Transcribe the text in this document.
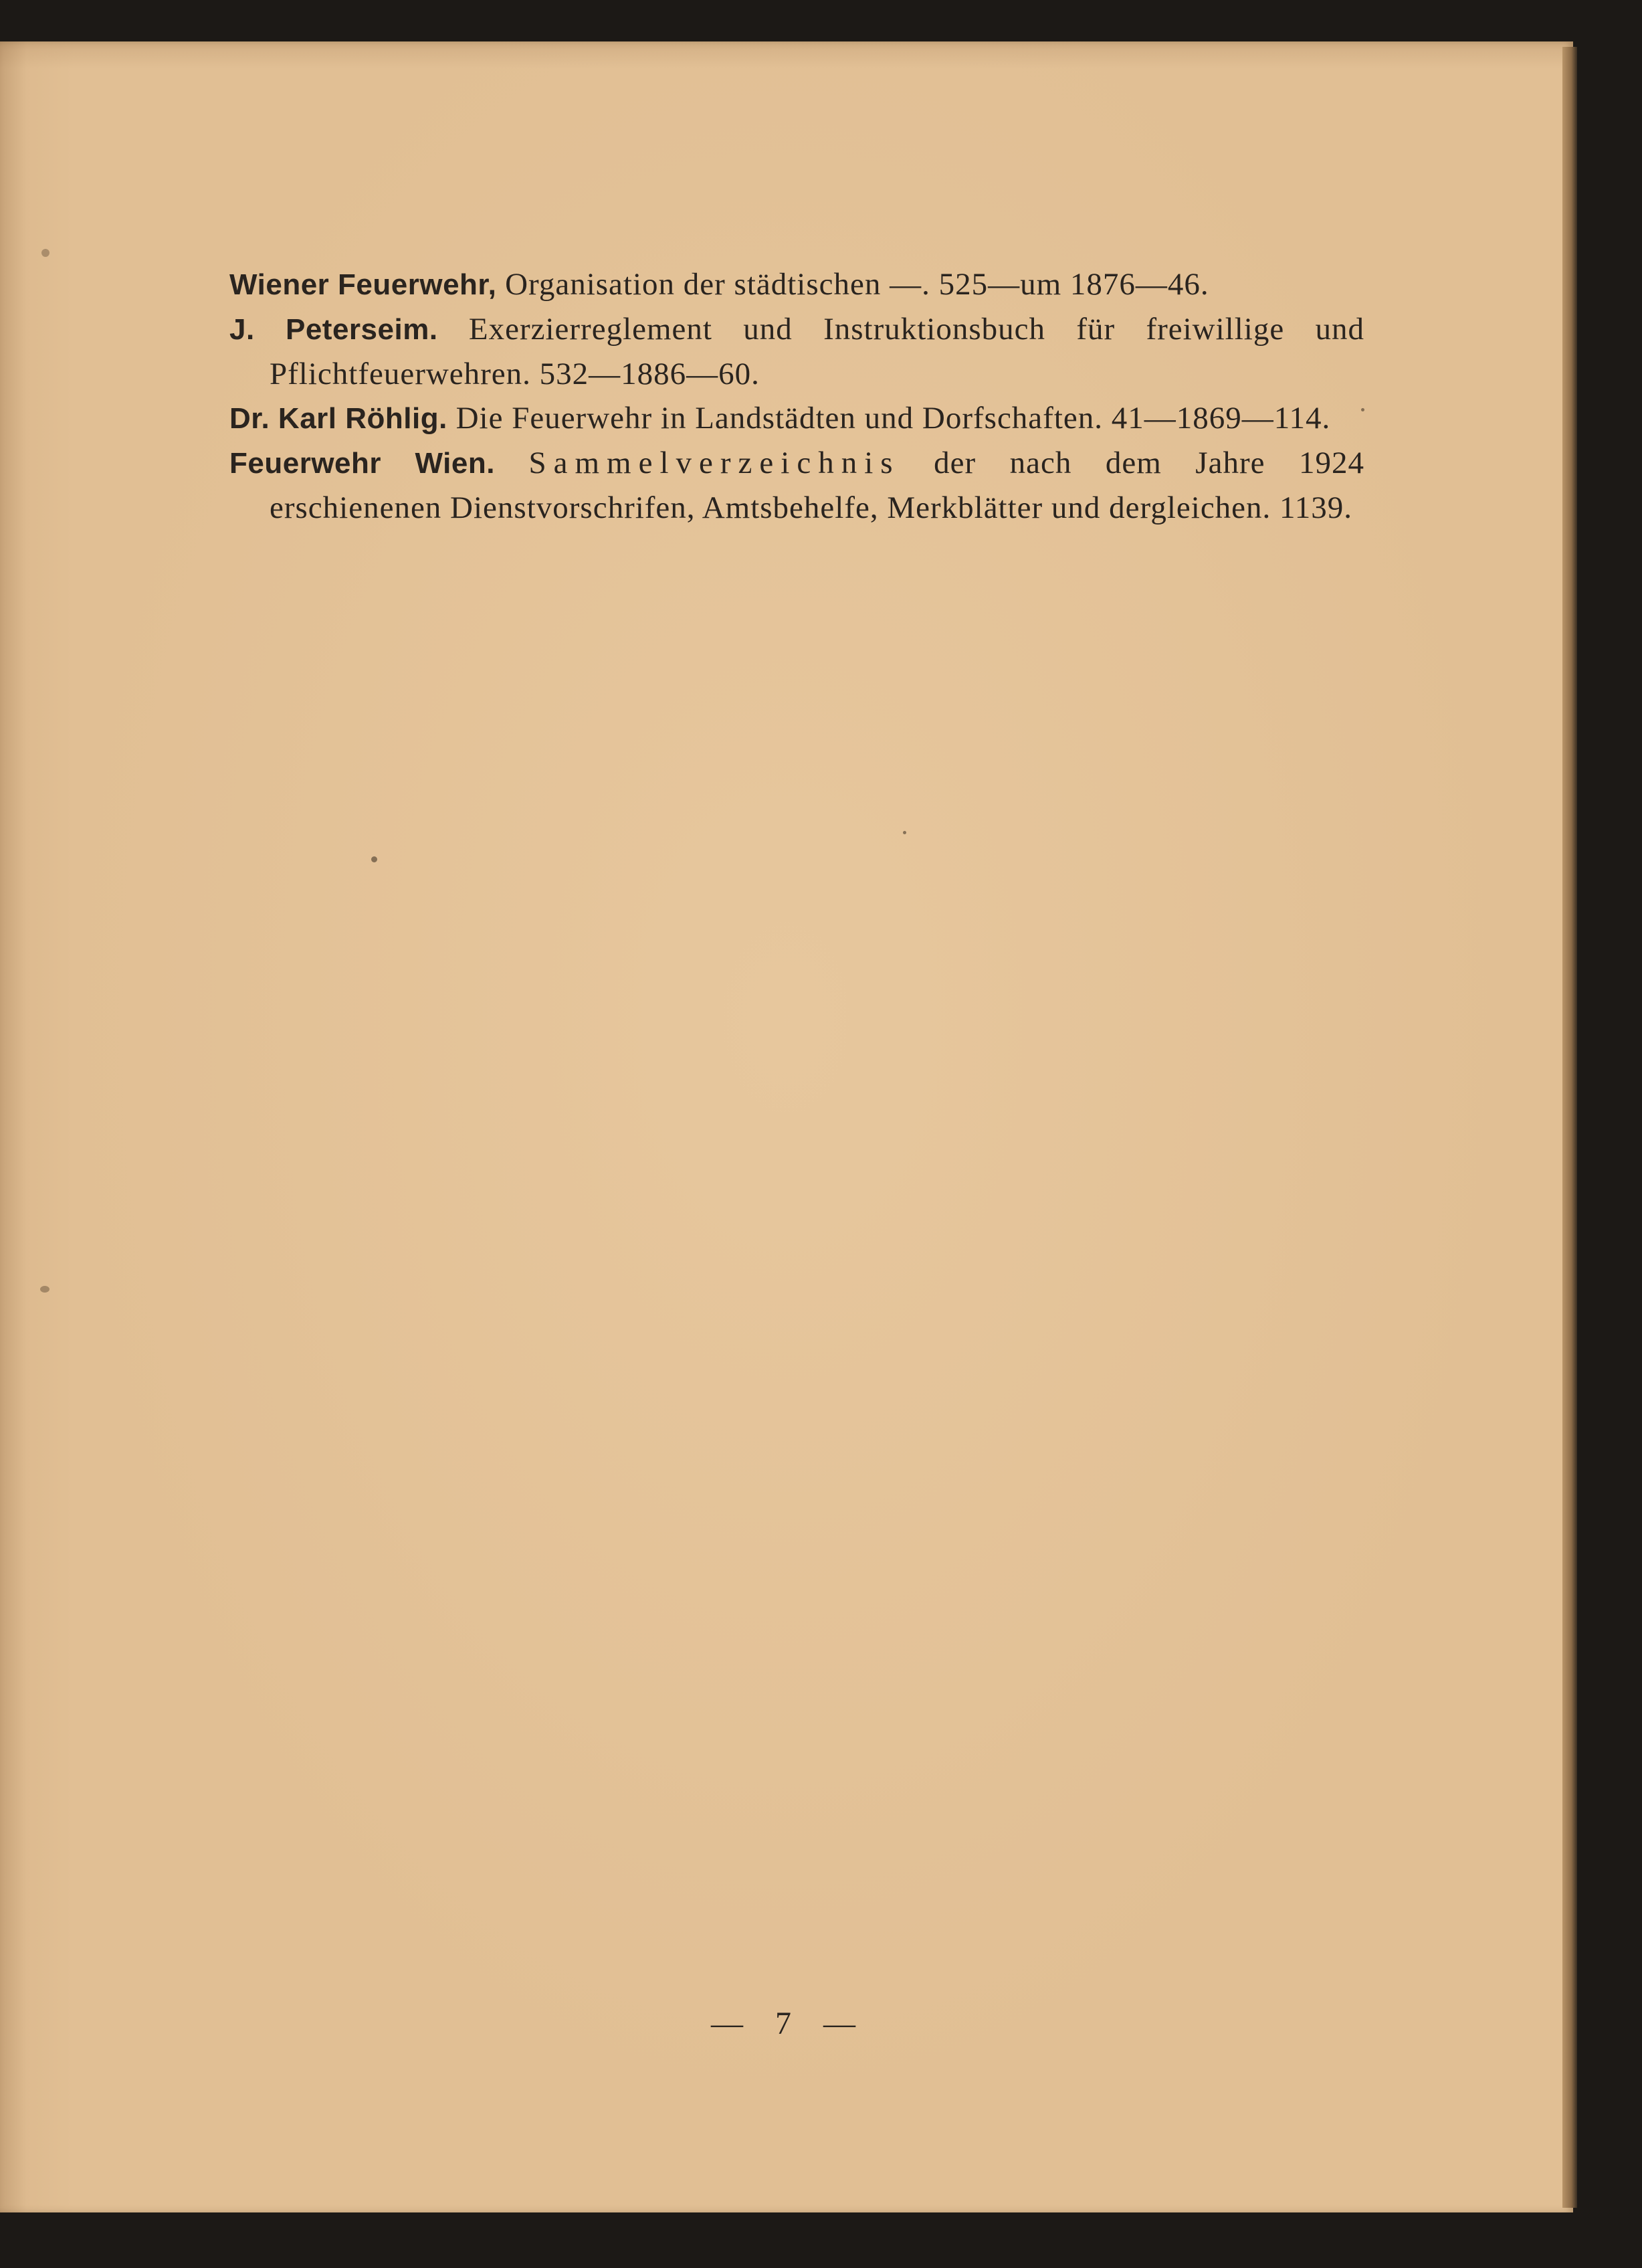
Wiener Feuerwehr, Organisation der städtischen —. 525—um 1876—46.
J. Peterseim. Exerzierreglement und Instruktionsbuch für freiwillige und Pflichtfeuerwehren. 532—1886—60.
Dr. Karl Röhlig. Die Feuerwehr in Landstädten und Dorfschaften. 41—1869—114.
Feuerwehr Wien. Sammelverzeichnis der nach dem Jahre 1924 erschienenen Dienstvorschrifen, Amtsbehelfe, Merkblätter und dergleichen. 1139.
— 7 —
